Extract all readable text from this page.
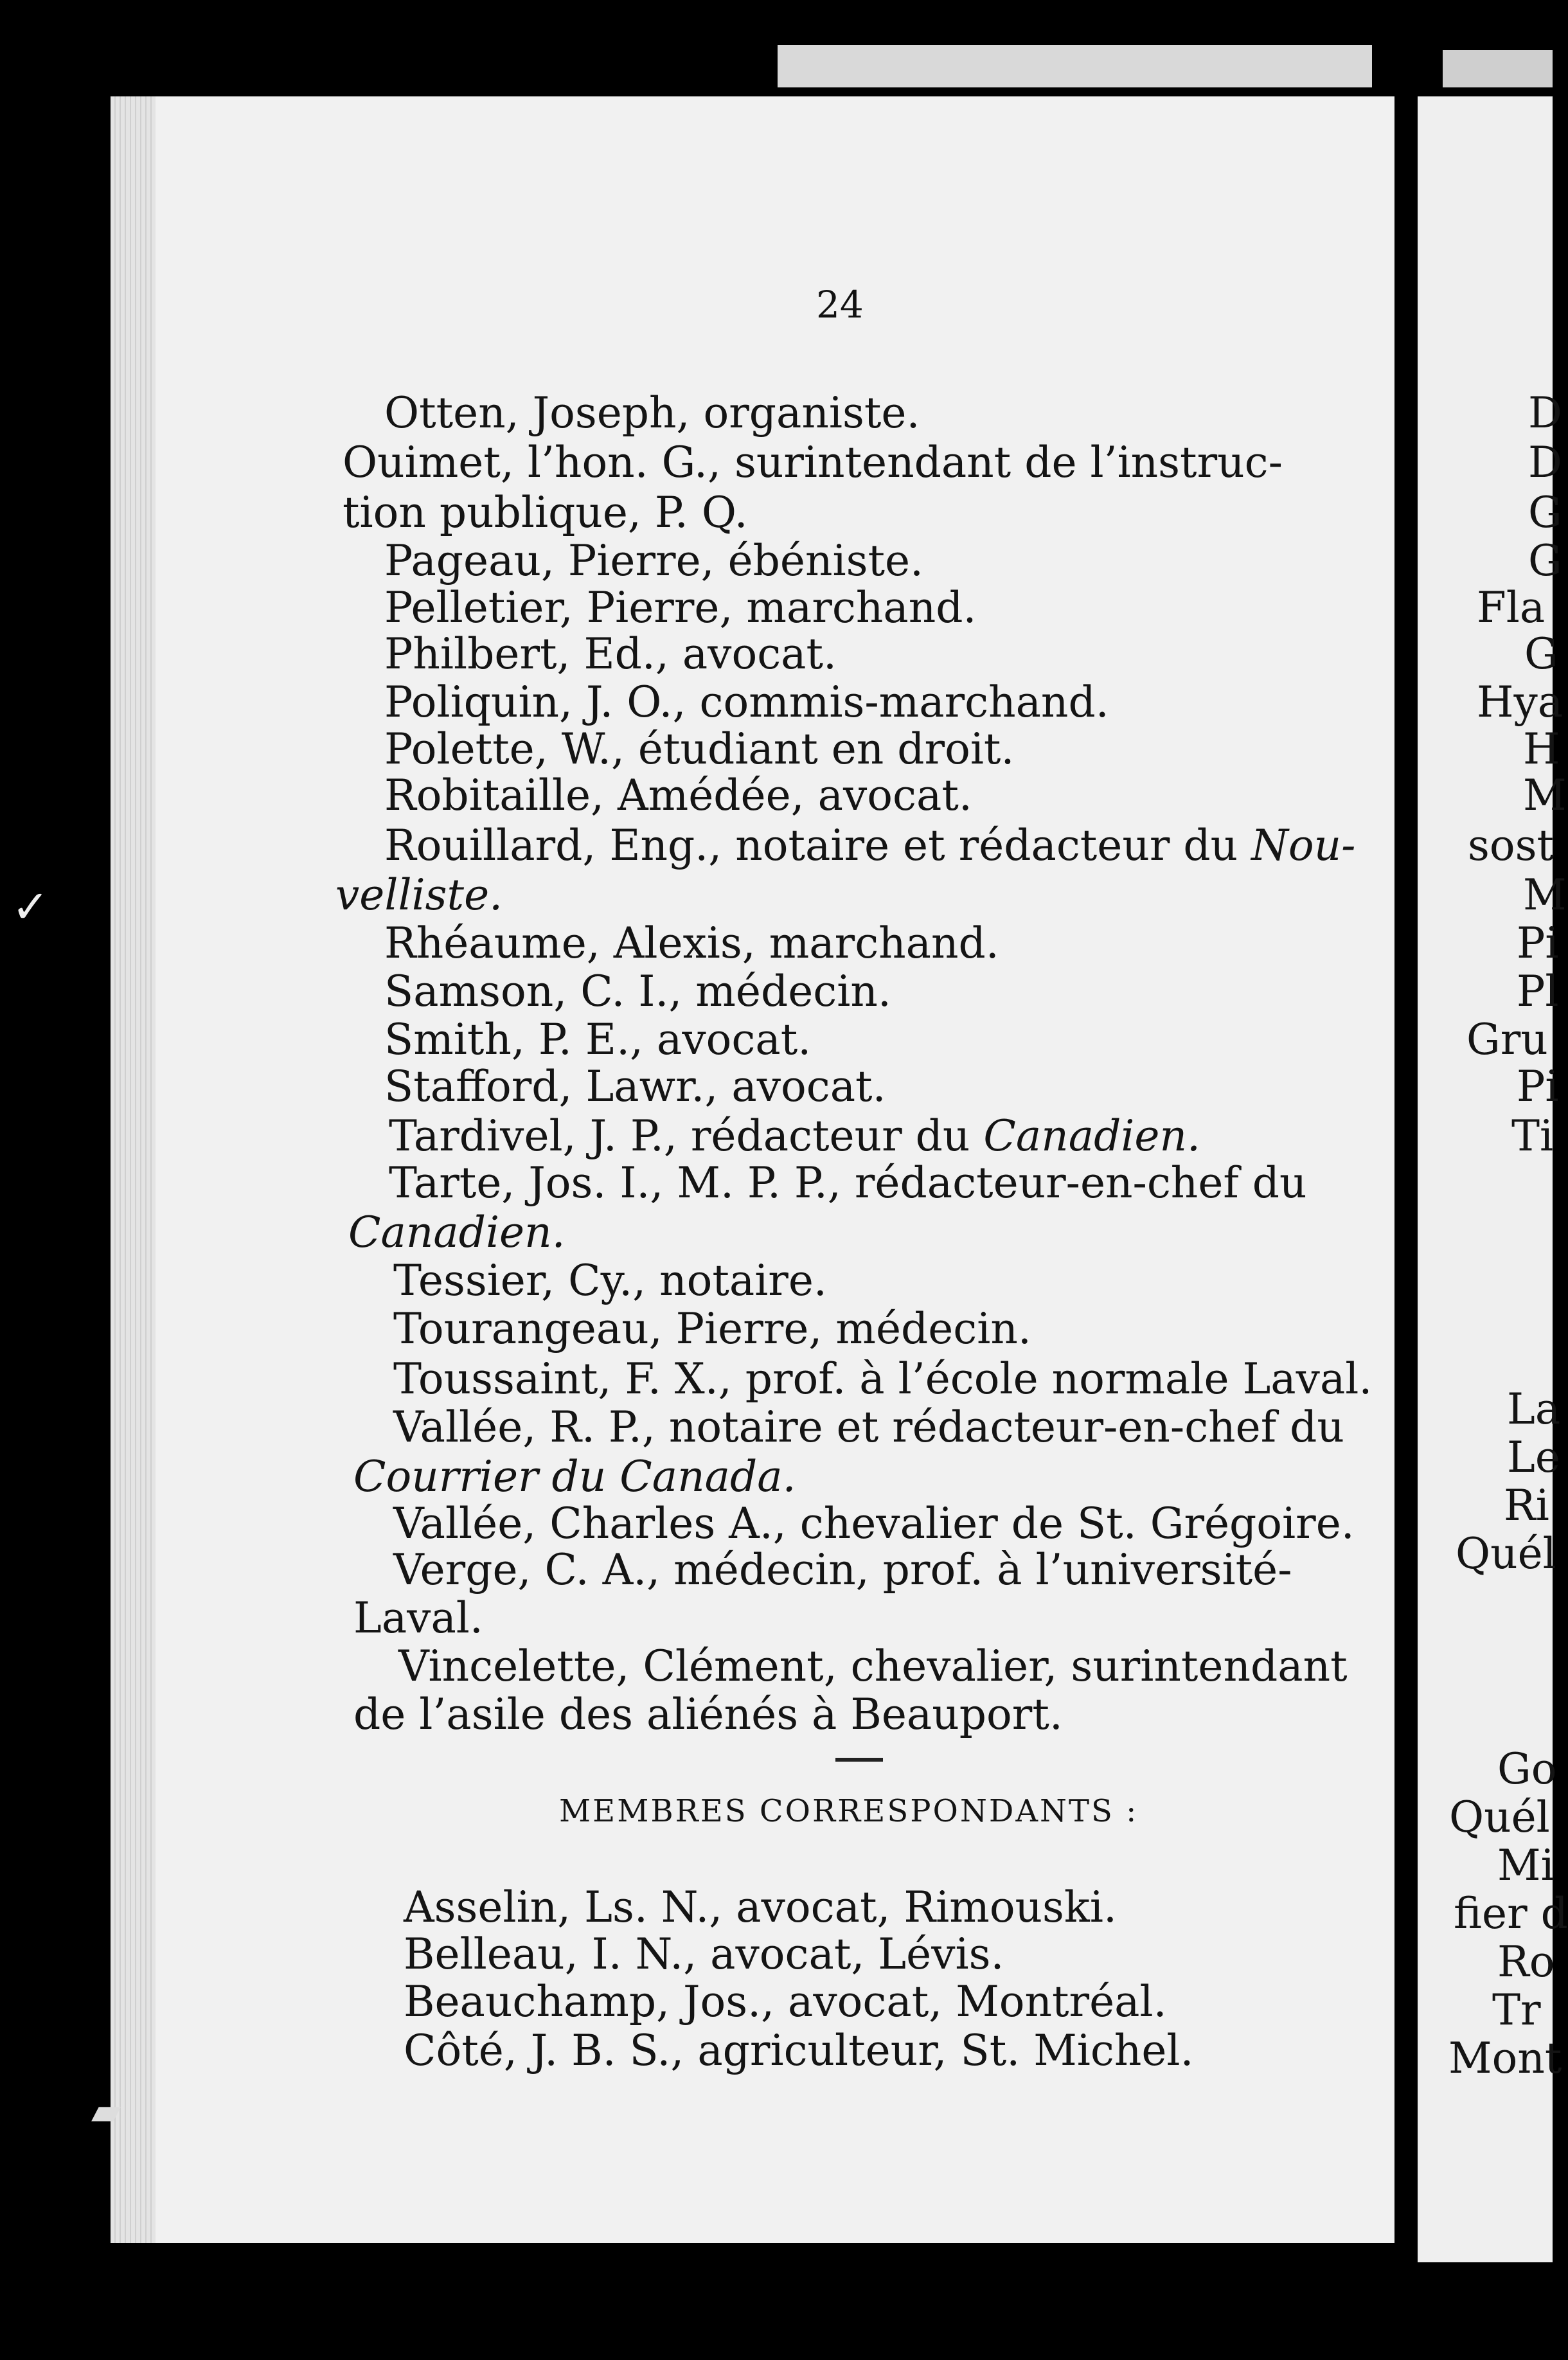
24
Otten, Joseph, organiste.
Ouimet, l’hon. G., surintendant de l’instruc-
tion publique, P. Q.
Pageau, Pierre, ébéniste.
Pelletier, Pierre, marchand.
Philbert, Ed., avocat.
Poliquin, J. O., commis-marchand.
Polette, W., étudiant en droit.
Robitaille, Amédée, avocat.
Rouillard, Eng., notaire et rédacteur du Nou-
velliste.
Rhéaume, Alexis, marchand.
Samson, C. I., médecin.
Smith, P. E., avocat.
Stafford, Lawr., avocat.
Tardivel, J. P., rédacteur du Canadien.
Tarte, Jos. I., M. P. P., rédacteur-en-chef du
Canadien.
Tessier, Cy., notaire.
Tourangeau, Pierre, médecin.
Toussaint, F. X., prof. à l’école normale Laval.
Vallée, R. P., notaire et rédacteur-en-chef du
Courrier du Canada.
Vallée, Charles A., chevalier de St. Grégoire.
Verge, C. A., médecin, prof. à l’université-
Laval.
Vincelette, Clément, chevalier, surintendant
de l’asile des aliénés à Beauport.
MEMBRES CORRESPONDANTS :
Asselin, Ls. N., avocat, Rimouski.
Belleau, I. N., avocat, Lévis.
Beauchamp, Jos., avocat, Montréal.
Côté, J. B. S., agriculteur, St. Michel.
D
D
G
G
Fla
G
Hya
H
M
sost
M
Pi
Pl
Gru
Pi
Ti
La
Le
Ri
Quél
Go
Quél
Mi
fier d
Ro
Tr
Mont
✓
▰
